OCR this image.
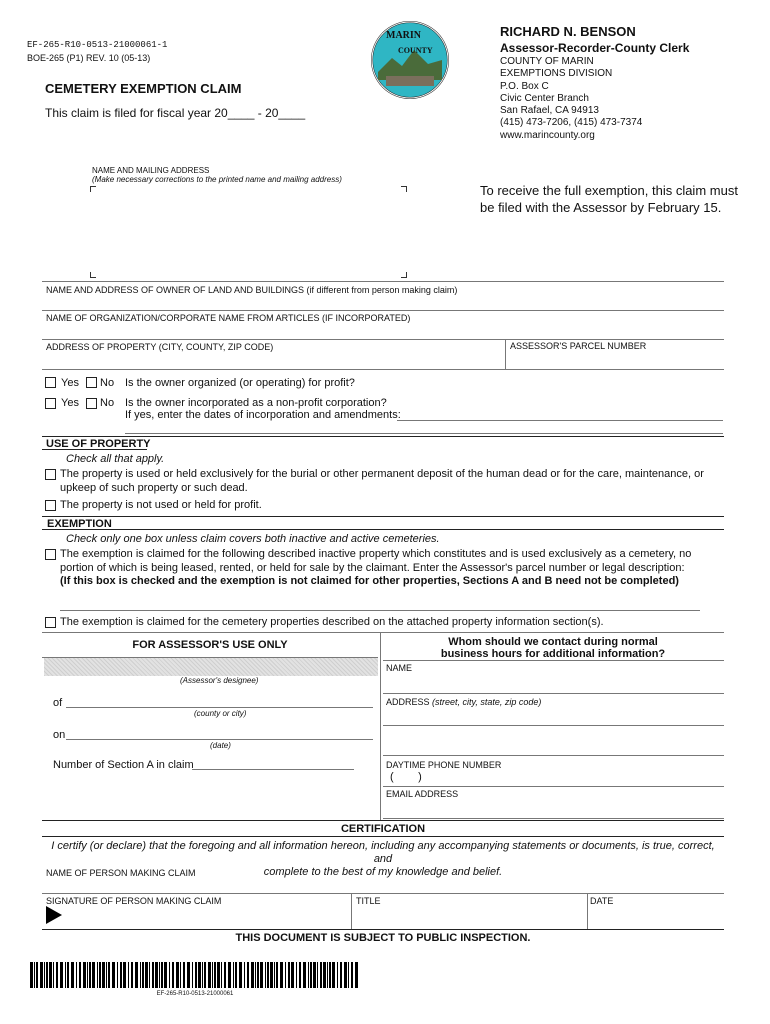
EF-265-R10-0513-21000061-1
BOE-265 (P1) REV. 10 (05-13)
CEMETERY EXEMPTION CLAIM
This claim is filed for fiscal year 20____ - 20____
MARIN
COUNTY
RICHARD N. BENSON
Assessor-Recorder-County Clerk
COUNTY OF MARIN
EXEMPTIONS DIVISION
P.O. Box C
Civic Center Branch
San Rafael, CA 94913
(415) 473-7206, (415) 473-7374
www.marincounty.org
NAME AND MAILING ADDRESS
(Make necessary corrections to the printed name and mailing address)
To receive the full exemption, this claim must
be filed with the Assessor by February 15.
NAME AND ADDRESS OF OWNER OF LAND AND BUILDINGS (if different from person making claim)
NAME OF ORGANIZATION/CORPORATE NAME FROM ARTICLES (IF INCORPORATED)
ADDRESS OF PROPERTY (CITY, COUNTY, ZIP CODE)	ASSESSOR'S PARCEL NUMBER
Yes No Is the owner organized (or operating) for profit?
Yes No Is the owner incorporated as a non-profit corporation?
If yes, enter the dates of incorporation and amendments:
USE OF PROPERTY
Check all that apply.
The property is used or held exclusively for the burial or other permanent deposit of the human dead or for the care, maintenance, or
upkeep of such property or such dead.
The property is not used or held for profit.
EXEMPTION
Check only one box unless claim covers both inactive and active cemeteries.
The exemption is claimed for the following described inactive property which constitutes and is used exclusively as a cemetery, no
portion of which is being leased, rented, or held for sale by the claimant. Enter the Assessor's parcel number or legal description:
(If this box is checked and the exemption is not claimed for other properties, Sections A and B need not be completed)
The exemption is claimed for the cemetery properties described on the attached property information section(s).
FOR ASSESSOR'S USE ONLY
(Assessor's designee)
of
(county or city)
on
(date)
Number of Section A in claim
Whom should we contact during normal
business hours for additional information?
NAME
ADDRESS (street, city, state, zip code)
DAYTIME PHONE NUMBER
(        )
EMAIL ADDRESS
CERTIFICATION
I certify (or declare) that the foregoing and all information hereon, including any accompanying statements or documents, is true, correct, and
complete to the best of my knowledge and belief.
NAME OF PERSON MAKING CLAIM
SIGNATURE OF PERSON MAKING CLAIM	TITLE	DATE
THIS DOCUMENT IS SUBJECT TO PUBLIC INSPECTION.
EF-265-R10-0513-21000061
